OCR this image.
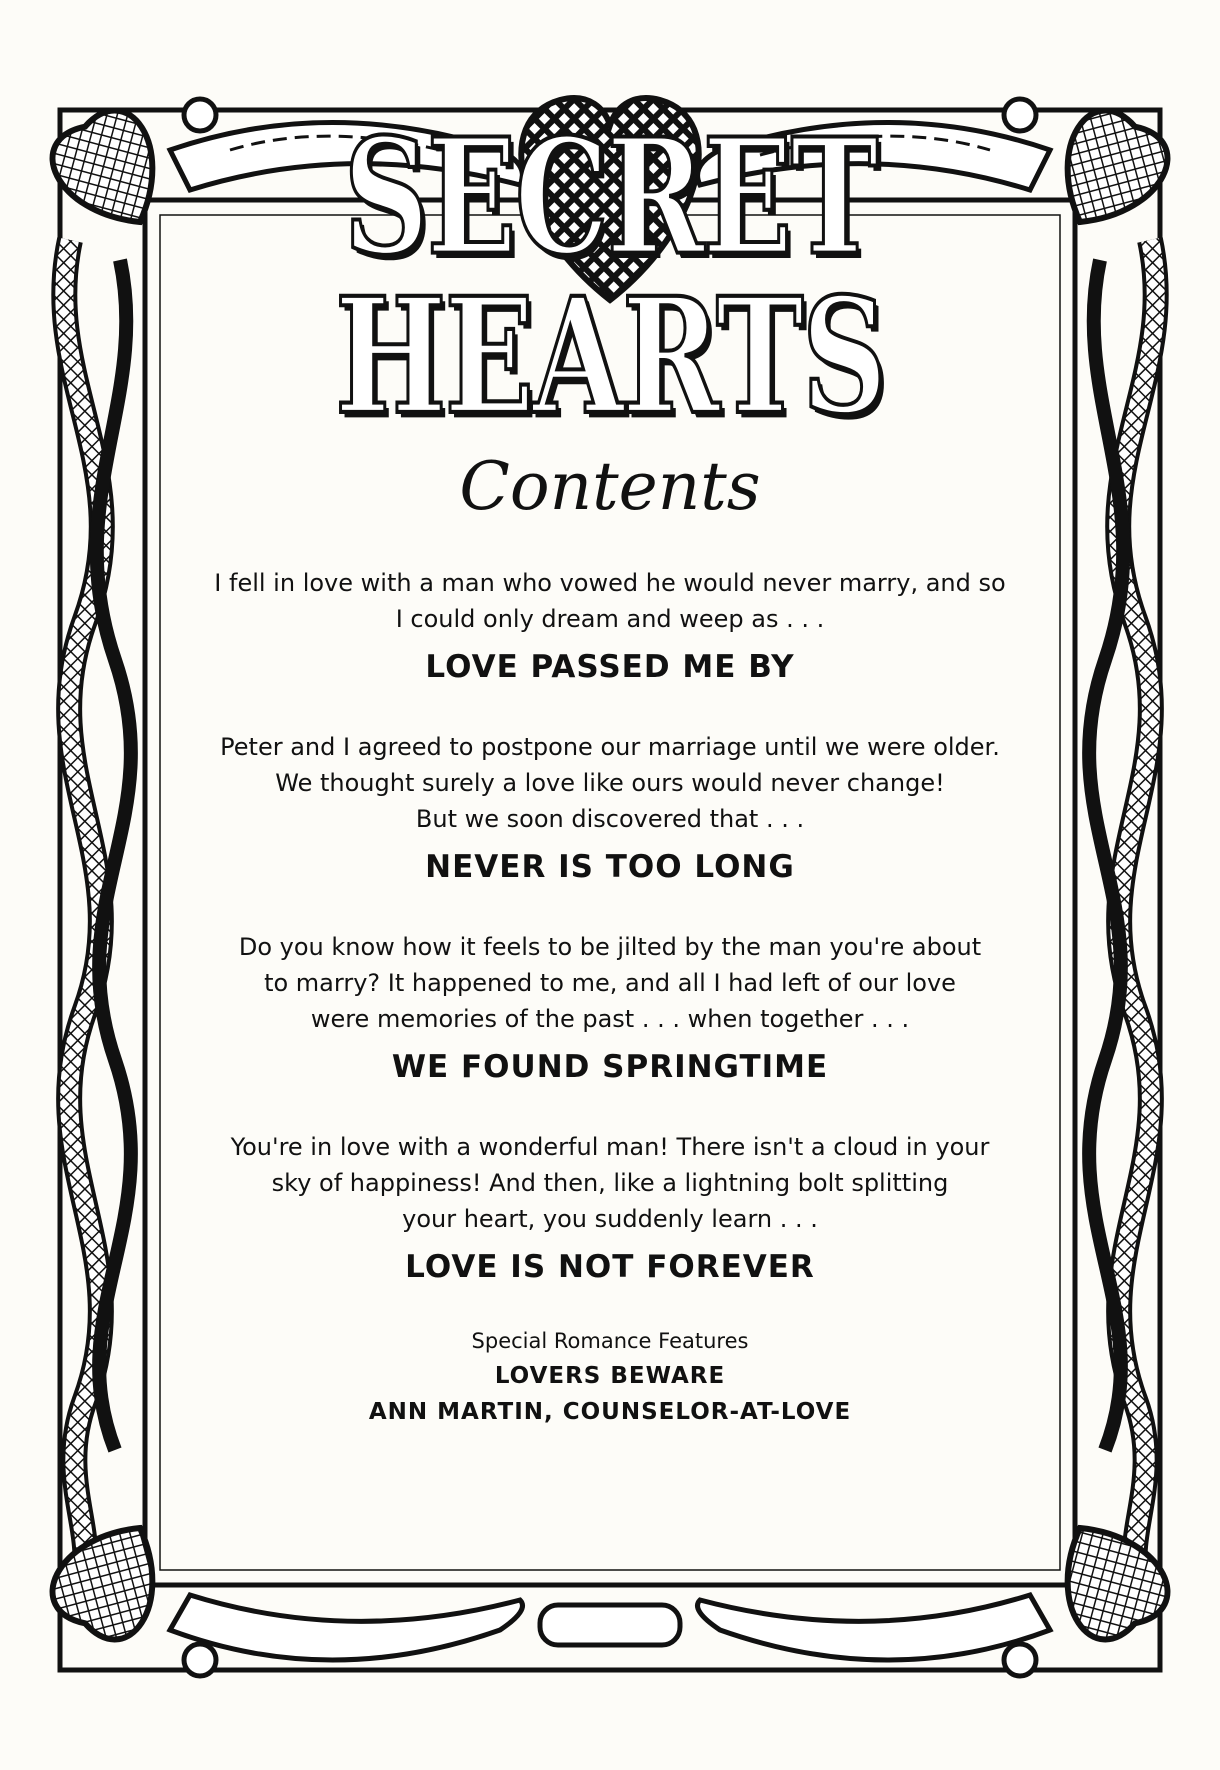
SECRET HEARTS
Contents

I fell in love with a man who vowed he would never marry, and so
I could only dream and weep as . . .

LOVE PASSED ME BY

Peter and I agreed to postpone our marriage until we were older.
We thought surely a love like ours would never change!
But we soon discovered that . . .

NEVER IS TOO LONG

Do you know how it feels to be jilted by the man you're about
to marry? It happened to me, and all I had left of our love
were memories of the past . . . when together . . .

WE FOUND SPRINGTIME

You're in love with a wonderful man! There isn't a cloud in your
sky of happiness! And then, like a lightning bolt splitting
your heart, you suddenly learn . . .

LOVE IS NOT FOREVER

Special Romance Features

LOVERS BEWARE

ANN MARTIN, COUNSELOR-AT-LOVE
